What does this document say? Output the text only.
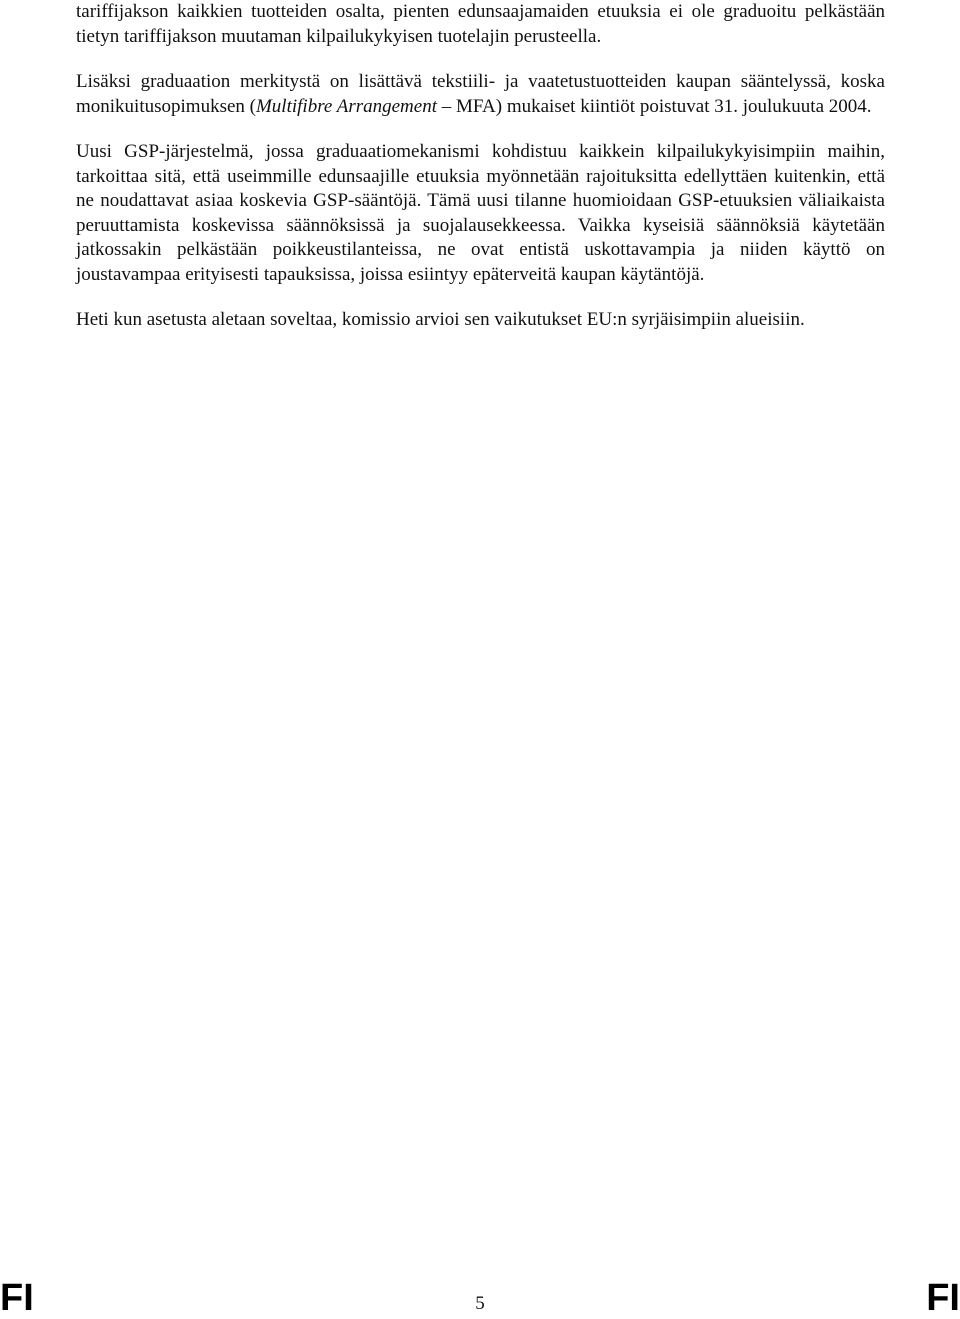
tariffijakson kaikkien tuotteiden osalta, pienten edunsaajamaiden etuuksia ei ole graduoitu pelkästään tietyn tariffijakson muutaman kilpailukykyisen tuotelajin perusteella.

Lisäksi graduaation merkitystä on lisättävä tekstiili- ja vaatetustuotteiden kaupan sääntelyssä, koska monikuitusopimuksen (Multifibre Arrangement – MFA) mukaiset kiintiöt poistuvat 31. joulukuuta 2004.

Uusi GSP-järjestelmä, jossa graduaatiomekanismi kohdistuu kaikkein kilpailukykyisimpiin maihin, tarkoittaa sitä, että useimmille edunsaajille etuuksia myönnetään rajoituksitta edellyttäen kuitenkin, että ne noudattavat asiaa koskevia GSP-sääntöjä. Tämä uusi tilanne huomioidaan GSP-etuuksien väliaikaista peruuttamista koskevissa säännöksissä ja suojalausekkeessa. Vaikka kyseisiä säännöksiä käytetään jatkossakin pelkästään poikkeustilanteissa, ne ovat entistä uskottavampia ja niiden käyttö on joustavampaa erityisesti tapauksissa, joissa esiintyy epäterveitä kaupan käytäntöjä.

Heti kun asetusta aletaan soveltaa, komissio arvioi sen vaikutukset EU:n syrjäisimpiin alueisiin.

FI	5	FI
